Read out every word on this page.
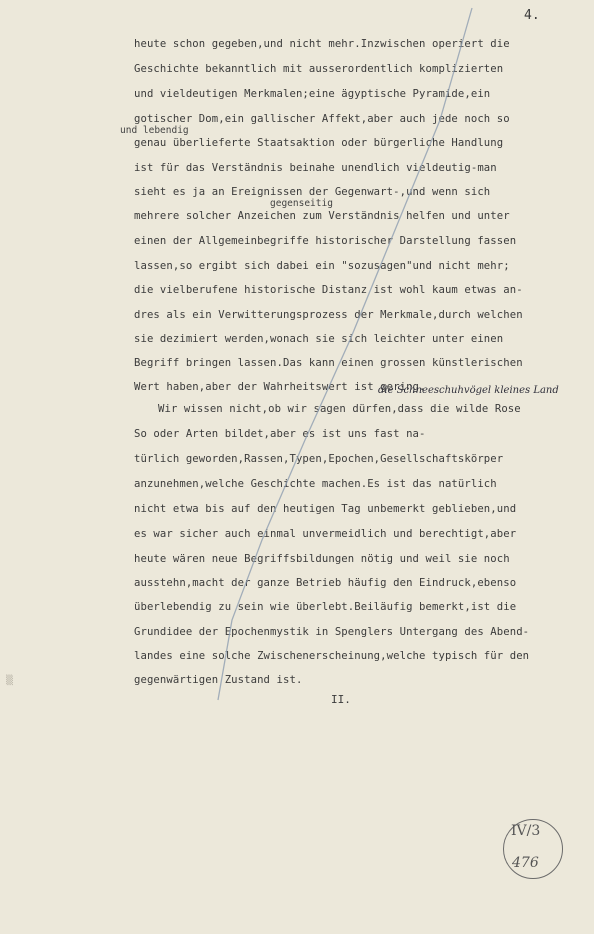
4.
heute schon gegeben,und nicht mehr.Inzwischen operiert die
Geschichte bekanntlich mit ausserordentlich komplizierten
und vieldeutigen Merkmalen;eine ägyptische Pyramide,ein
und lebendig
gotischer Dom,ein gallischer Affekt,aber auch jede noch so
genau überlieferte Staatsaktion oder bürgerliche Handlung
ist für das Verständnis beinahe unendlich vieldeutig-man
sieht es ja an Ereignissen der Gegenwart-,und wenn sich
gegenseitig
mehrere solcher Anzeichen zum Verständnis helfen und unter
einen der Allgemeinbegriffe historischer Darstellung fassen
lassen,so ergibt sich dabei ein "sozusagen"und nicht mehr;
die vielberufene historische Distanz ist wohl kaum etwas an-
dres als ein Verwitterungsprozess der Merkmale,durch welchen
sie dezimiert werden,wonach sie sich leichter unter einen
Begriff bringen lassen.Das kann einen grossen künstlerischen
Wert haben,aber der Wahrheitswert ist gering.
die Schneeschuhvögel kleines Land
Wir wissen nicht,ob wir sagen dürfen,dass die wilde Rose
So oder Arten bildet,aber es ist uns fast na-
türlich geworden,Rassen,Typen,Epochen,Gesellschaftskörper
anzunehmen,welche Geschichte machen.Es ist das natürlich
nicht etwa bis auf den heutigen Tag unbemerkt geblieben,und
es war sicher auch einmal unvermeidlich und berechtigt,aber
heute wären neue Begriffsbildungen nötig und weil sie noch
ausstehn,macht der ganze Betrieb häufig den Eindruck,ebenso
überlebendig zu sein wie überlebt.Beiläufig bemerkt,ist die
Grundidee der Epochenmystik in Spenglers Untergang des Abend-
landes eine solche Zwischenerscheinung,welche typisch für den
gegenwärtigen Zustand ist.
II.
IV/3
476
▒
